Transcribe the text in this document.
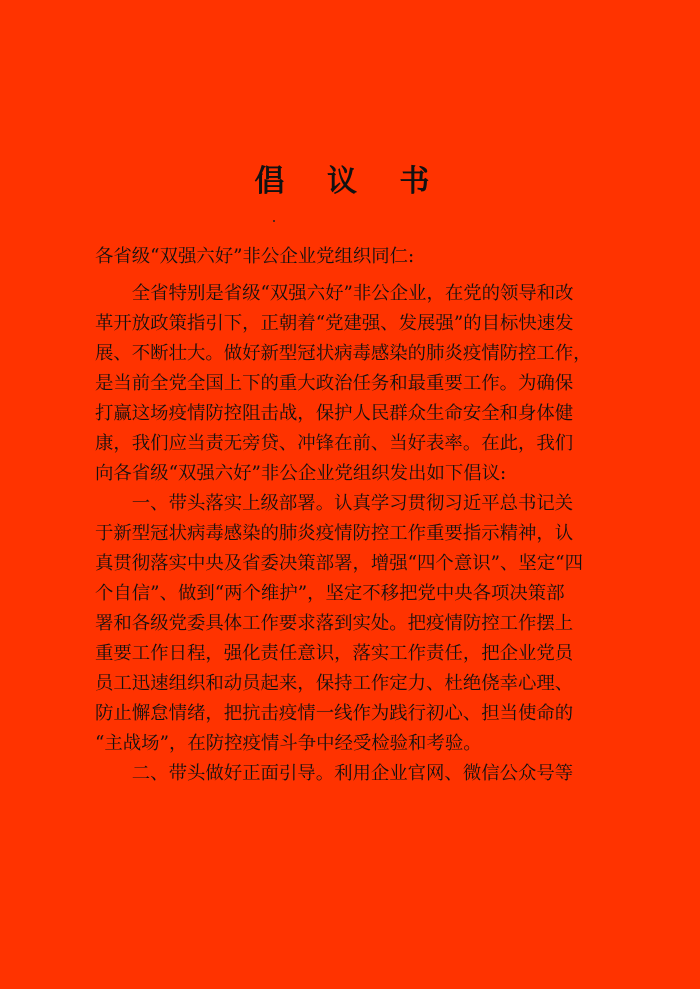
倡 议 书

各省级“双强六好”非公企业党组织同仁:

　　全省特别是省级“双强六好”非公企业，在党的领导和改

革开放政策指引下，正朝着“党建强、发展强”的目标快速发

展、不断壮大。做好新型冠状病毒感染的肺炎疫情防控工作，

是当前全党全国上下的重大政治任务和最重要工作。为确保

打赢这场疫情防控阻击战，保护人民群众生命安全和身体健

康，我们应当责无旁贷、冲锋在前、当好表率。在此，我们

向各省级“双强六好”非公企业党组织发出如下倡议:

　　一、带头落实上级部署。认真学习贯彻习近平总书记关

于新型冠状病毒感染的肺炎疫情防控工作重要指示精神，认

真贯彻落实中央及省委决策部署，增强“四个意识”、坚定“四

个自信”、做到“两个维护”，坚定不移把党中央各项决策部

署和各级党委具体工作要求落到实处。把疫情防控工作摆上

重要工作日程，强化责任意识，落实工作责任，把企业党员

员工迅速组织和动员起来，保持工作定力、杜绝侥幸心理、

防止懈怠情绪，把抗击疫情一线作为践行初心、担当使命的

“主战场”，在防控疫情斗争中经受检验和考验。

　　二、带头做好正面引导。利用企业官网、微信公众号等
